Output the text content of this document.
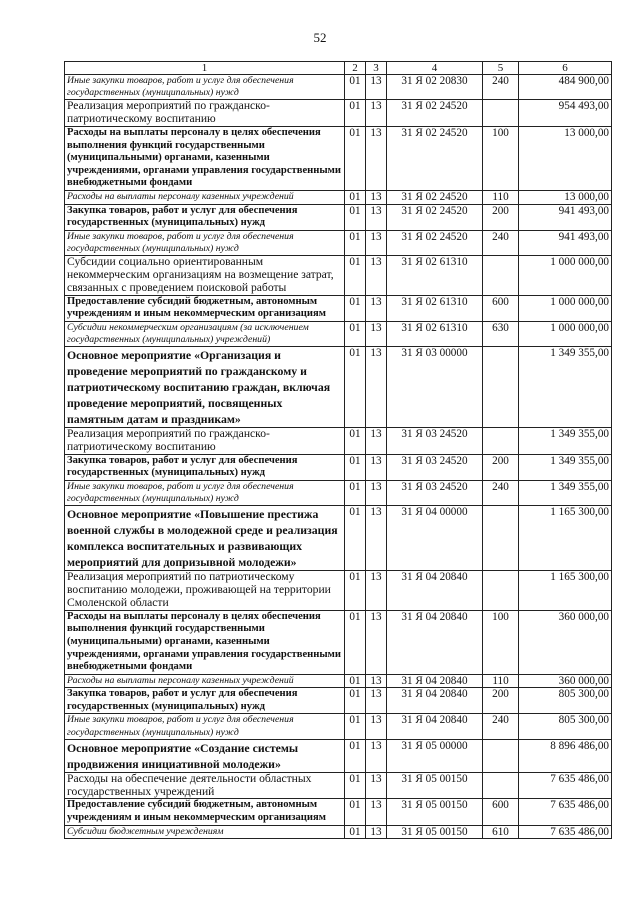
52
1	2	3	4	5	6
Иные закупки товаров, работ и услуг для обеспечения государственных (муниципальных) нужд	01	13	31 Я 02 20830	240	484 900,00
Реализация мероприятий по гражданско-патриотическому воспитанию	01	13	31 Я 02 24520		954 493,00
Расходы на выплаты персоналу в целях обеспечения выполнения функций государственными (муниципальными) органами, казенными учреждениями, органами управления государственными внебюджетными фондами	01	13	31 Я 02 24520	100	13 000,00
Расходы на выплаты персоналу казенных учреждений	01	13	31 Я 02 24520	110	13 000,00
Закупка товаров, работ и услуг для обеспечения государственных (муниципальных) нужд	01	13	31 Я 02 24520	200	941 493,00
Иные закупки товаров, работ и услуг для обеспечения государственных (муниципальных) нужд	01	13	31 Я 02 24520	240	941 493,00
Субсидии социально ориентированным некоммерческим организациям на возмещение затрат, связанных с проведением поисковой работы	01	13	31 Я 02 61310		1 000 000,00
Предоставление субсидий бюджетным, автономным учреждениям и иным некоммерческим организациям	01	13	31 Я 02 61310	600	1 000 000,00
Субсидии некоммерческим организациям (за исключением государственных (муниципальных) учреждений)	01	13	31 Я 02 61310	630	1 000 000,00
Основное мероприятие «Организация и проведение мероприятий по гражданскому и патриотическому воспитанию граждан, включая проведение мероприятий, посвященных памятным датам и праздникам»	01	13	31 Я 03 00000		1 349 355,00
Реализация мероприятий по гражданско-патриотическому воспитанию	01	13	31 Я 03 24520		1 349 355,00
Закупка товаров, работ и услуг для обеспечения государственных (муниципальных) нужд	01	13	31 Я 03 24520	200	1 349 355,00
Иные закупки товаров, работ и услуг для обеспечения государственных (муниципальных) нужд	01	13	31 Я 03 24520	240	1 349 355,00
Основное мероприятие «Повышение престижа военной службы в молодежной среде и реализация комплекса воспитательных и развивающих мероприятий для допризывной молодежи»	01	13	31 Я 04 00000		1 165 300,00
Реализация мероприятий по патриотическому воспитанию молодежи, проживающей на территории Смоленской области	01	13	31 Я 04 20840		1 165 300,00
Расходы на выплаты персоналу в целях обеспечения выполнения функций государственными (муниципальными) органами, казенными учреждениями, органами управления государственными внебюджетными фондами	01	13	31 Я 04 20840	100	360 000,00
Расходы на выплаты персоналу казенных учреждений	01	13	31 Я 04 20840	110	360 000,00
Закупка товаров, работ и услуг для обеспечения государственных (муниципальных) нужд	01	13	31 Я 04 20840	200	805 300,00
Иные закупки товаров, работ и услуг для обеспечения государственных (муниципальных) нужд	01	13	31 Я 04 20840	240	805 300,00
Основное мероприятие «Создание системы продвижения инициативной молодежи»	01	13	31 Я 05 00000		8 896 486,00
Расходы на обеспечение деятельности областных государственных учреждений	01	13	31 Я 05 00150		7 635 486,00
Предоставление субсидий бюджетным, автономным учреждениям и иным некоммерческим организациям	01	13	31 Я 05 00150	600	7 635 486,00
Субсидии бюджетным учреждениям	01	13	31 Я 05 00150	610	7 635 486,00
